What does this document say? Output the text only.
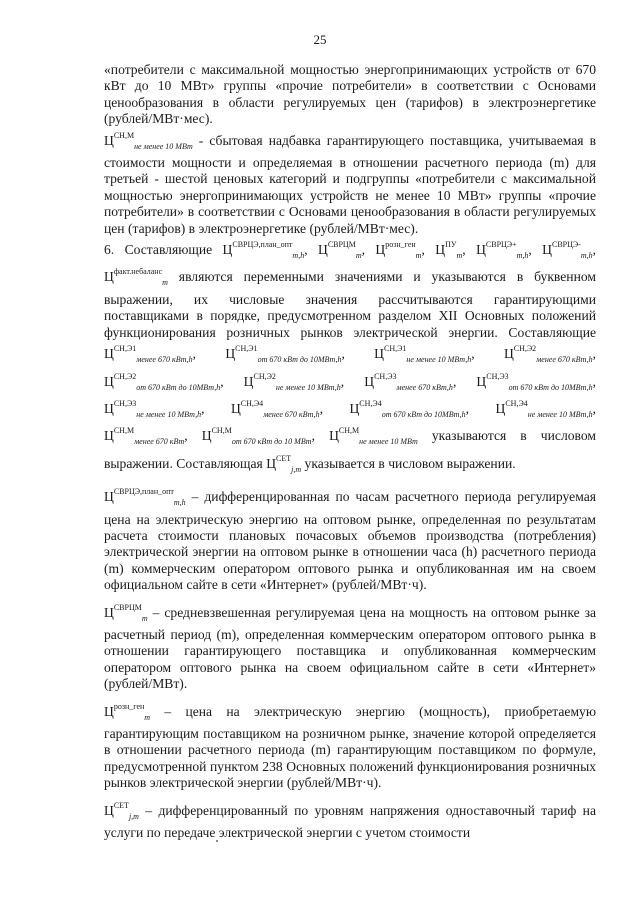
25

«потребители с максимальной мощностью энергопринимающих устройств от 670 кВт до 10 МВт» группы «прочие потребители» в соответствии с Основами ценообразования в области регулируемых цен (тарифов) в электроэнергетике (рублей/МВт·мес).

$Ц^{СН,М}_{не менее 10 МВт}$ - сбытовая надбавка гарантирующего поставщика, учитываемая в стоимости мощности и определяемая в отношении расчетного периода (m) для третьей - шестой ценовых категорий и подгруппы «потребители с максимальной мощностью энергопринимающих устройств не менее 10 МВт» группы «прочие потребители» в соответствии с Основами ценообразования в области регулируемых цен (тарифов) в электроэнергетике (рублей/МВт·мес).

6. Составляющие $Ц^{СВРЦЭ,план\_опт}_{m,h}$, $Ц^{СВРЦМ}_m$, $Ц^{розн\_ген}_m$, $Ц^{ПУ}_m$, $Ц^{СВРЦЭ+}_{m,h}$, $Ц^{СВРЦЭ-}_{m,h}$, $Ц^{факт.небаланс}_m$ являются переменными значениями и указываются в буквенном выражении, их числовые значения рассчитываются гарантирующими поставщиками в порядке, предусмотренном разделом XII Основных положений функционирования розничных рынков электрической энергии. Составляющие $Ц^{СН,Э1}_{менее 670 кВт,h}$, $Ц^{СН,Э1}_{от 670 кВт до 10МВт,h}$, $Ц^{СН,Э1}_{не менее 10 МВт,h}$, $Ц^{СН,Э2}_{менее 670 кВт,h}$, $Ц^{СН,Э2}_{от 670 кВт до 10МВт,h}$, $Ц^{СН,Э2}_{не менее 10 МВт,h}$, $Ц^{СН,Э3}_{менее 670 кВт,h}$, $Ц^{СН,Э3}_{от 670 кВт до 10МВт,h}$, $Ц^{СН,Э3}_{не менее 10 МВт,h}$, $Ц^{СН,Э4}_{менее 670 кВт,h}$, $Ц^{СН,Э4}_{от 670 кВт до 10МВт,h}$, $Ц^{СН,Э4}_{не менее 10 МВт,h}$, $Ц^{СН,М}_{менее 670 кВт}$, $Ц^{СН,М}_{от 670 кВт до 10 МВт}$, $Ц^{СН,М}_{не менее 10 МВт}$ указываются в числовом выражении. Составляющая $Ц^{СЕТ}_{j,m}$ указывается в числовом выражении.

$Ц^{СВРЦЭ,план\_опт}_{m,h}$ – дифференцированная по часам расчетного периода регулируемая цена на электрическую энергию на оптовом рынке, определенная по результатам расчета стоимости плановых почасовых объемов производства (потребления) электрической энергии на оптовом рынке в отношении часа (h) расчетного периода (m) коммерческим оператором оптового рынка и опубликованная им на своем официальном сайте в сети «Интернет» (рублей/МВт·ч).

$Ц^{СВРЦМ}_m$ – средневзвешенная регулируемая цена на мощность на оптовом рынке за расчетный период (m), определенная коммерческим оператором оптового рынка в отношении гарантирующего поставщика и опубликованная коммерческим оператором оптового рынка на своем официальном сайте в сети «Интернет» (рублей/МВт).

$Ц^{розн\_ген}_m$ – цена на электрическую энергию (мощность), приобретаемую гарантирующим поставщиком на розничном рынке, значение которой определяется в отношении расчетного периода (m) гарантирующим поставщиком по формуле, предусмотренной пунктом 238 Основных положений функционирования розничных рынков электрической энергии (рублей/МВт·ч).

$Ц^{СЕТ}_{j,m}$ – дифференцированный по уровням напряжения одноставочный тариф на услуги по передаче электрической энергии с учетом стоимости
